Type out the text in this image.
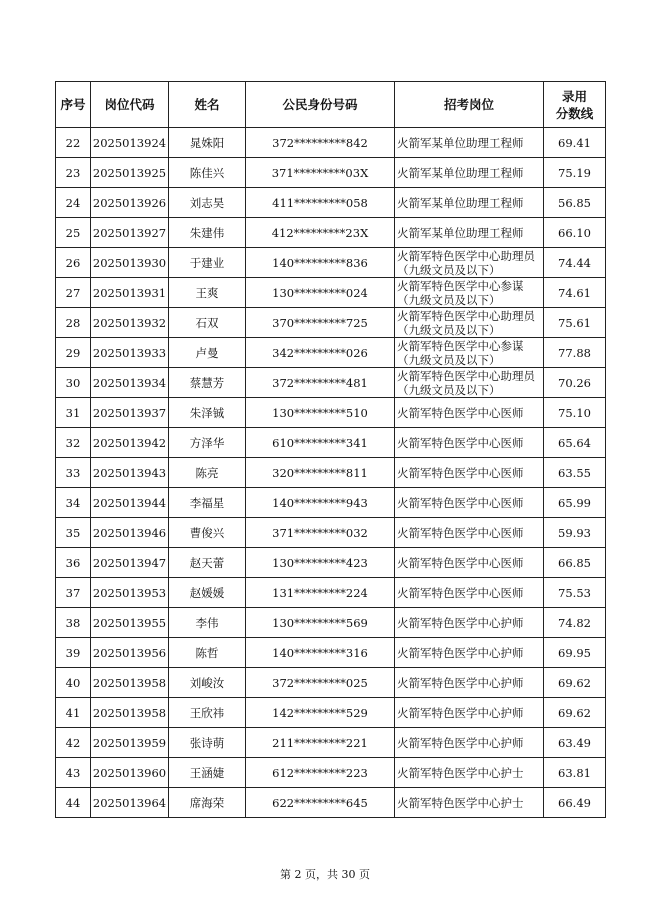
序号	岗位代码	姓名	公民身份号码	招考岗位	录用
分数线

22	2025013924	晁姝阳	372*********842	火箭军某单位助理工程师	69.41
23	2025013925	陈佳兴	371*********03X	火箭军某单位助理工程师	75.19
24	2025013926	刘志昊	411*********058	火箭军某单位助理工程师	56.85
25	2025013927	朱建伟	412*********23X	火箭军某单位助理工程师	66.10
26	2025013930	于建业	140*********836	火箭军特色医学中心助理员（九级文员及以下）	74.44
27	2025013931	王爽	130*********024	火箭军特色医学中心参谋（九级文员及以下）	74.61
28	2025013932	石双	370*********725	火箭军特色医学中心助理员（九级文员及以下）	75.61
29	2025013933	卢曼	342*********026	火箭军特色医学中心参谋（九级文员及以下）	77.88
30	2025013934	蔡慧芳	372*********481	火箭军特色医学中心助理员（九级文员及以下）	70.26
31	2025013937	朱泽铖	130*********510	火箭军特色医学中心医师	75.10
32	2025013942	方泽华	610*********341	火箭军特色医学中心医师	65.64
33	2025013943	陈亮	320*********811	火箭军特色医学中心医师	63.55
34	2025013944	李福星	140*********943	火箭军特色医学中心医师	65.99
35	2025013946	曹俊兴	371*********032	火箭军特色医学中心医师	59.93
36	2025013947	赵天蕾	130*********423	火箭军特色医学中心医师	66.85
37	2025013953	赵媛媛	131*********224	火箭军特色医学中心医师	75.53
38	2025013955	李伟	130*********569	火箭军特色医学中心护师	74.82
39	2025013956	陈哲	140*********316	火箭军特色医学中心护师	69.95
40	2025013958	刘峻汝	372*********025	火箭军特色医学中心护师	69.62
41	2025013958	王欣祎	142*********529	火箭军特色医学中心护师	69.62
42	2025013959	张诗萌	211*********221	火箭军特色医学中心护师	63.49
43	2025013960	王涵婕	612*********223	火箭军特色医学中心护士	63.81
44	2025013964	席海荣	622*********645	火箭军特色医学中心护士	66.49
第 2 页，共 30 页
